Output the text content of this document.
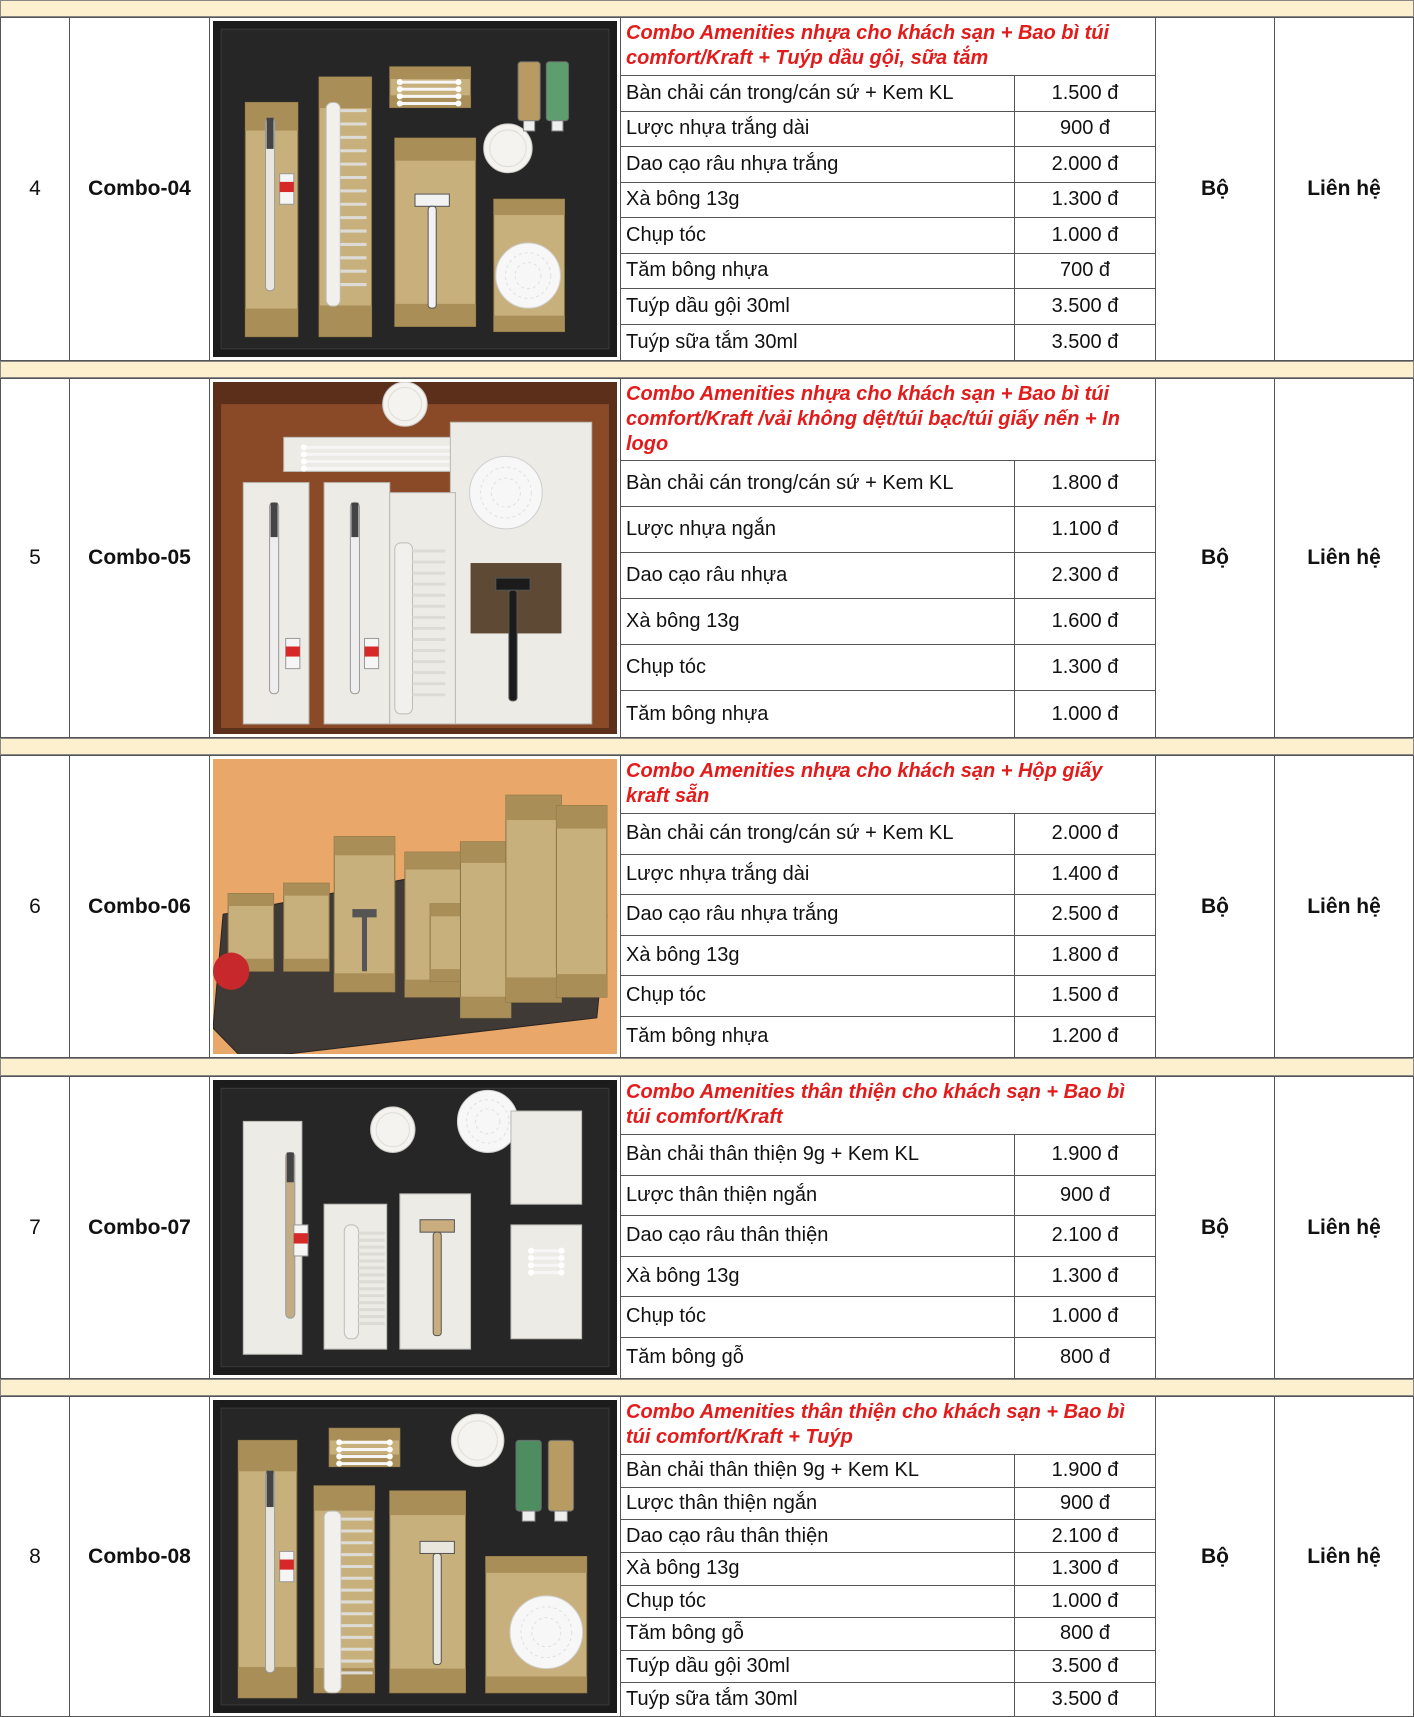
4	Combo-04
Combo Amenities nhựa cho khách sạn + Bao bì túi comfort/Kraft + Tuýp dầu gội, sữa tắm
Bàn chải cán trong/cán sứ + Kem KL	1.500 đ
Lược nhựa trắng dài	900 đ
Dao cạo râu nhựa trắng	2.000 đ
Xà bông 13g	1.300 đ
Chụp tóc	1.000 đ
Tăm bông nhựa	700 đ
Tuýp dầu gội 30ml	3.500 đ
Tuýp sữa tắm 30ml	3.500 đ
Bộ	Liên hệ
5	Combo-05
Combo Amenities nhựa cho khách sạn + Bao bì túi comfort/Kraft /vải không dệt/túi bạc/túi giấy nến + In logo
Bàn chải cán trong/cán sứ + Kem KL	1.800 đ
Lược nhựa ngắn	1.100 đ
Dao cạo râu nhựa	2.300 đ
Xà bông 13g	1.600 đ
Chụp tóc	1.300 đ
Tăm bông nhựa	1.000 đ
Bộ	Liên hệ
6	Combo-06
Combo Amenities nhựa cho khách sạn + Hộp giấy kraft sẵn
Bàn chải cán trong/cán sứ + Kem KL	2.000 đ
Lược nhựa trắng dài	1.400 đ
Dao cạo râu nhựa trắng	2.500 đ
Xà bông 13g	1.800 đ
Chụp tóc	1.500 đ
Tăm bông nhựa	1.200 đ
Bộ	Liên hệ
7	Combo-07
Combo Amenities thân thiện cho khách sạn + Bao bì túi comfort/Kraft
Bàn chải thân thiện 9g + Kem KL	1.900 đ
Lược thân thiện ngắn	900 đ
Dao cạo râu thân thiện	2.100 đ
Xà bông 13g	1.300 đ
Chụp tóc	1.000 đ
Tăm bông gỗ	800 đ
Bộ	Liên hệ
8	Combo-08
Combo Amenities thân thiện cho khách sạn + Bao bì túi comfort/Kraft + Tuýp
Bàn chải thân thiện 9g + Kem KL	1.900 đ
Lược thân thiện ngắn	900 đ
Dao cạo râu thân thiện	2.100 đ
Xà bông 13g	1.300 đ
Chụp tóc	1.000 đ
Tăm bông gỗ	800 đ
Tuýp dầu gội 30ml	3.500 đ
Tuýp sữa tắm 30ml	3.500 đ
Bộ	Liên hệ
